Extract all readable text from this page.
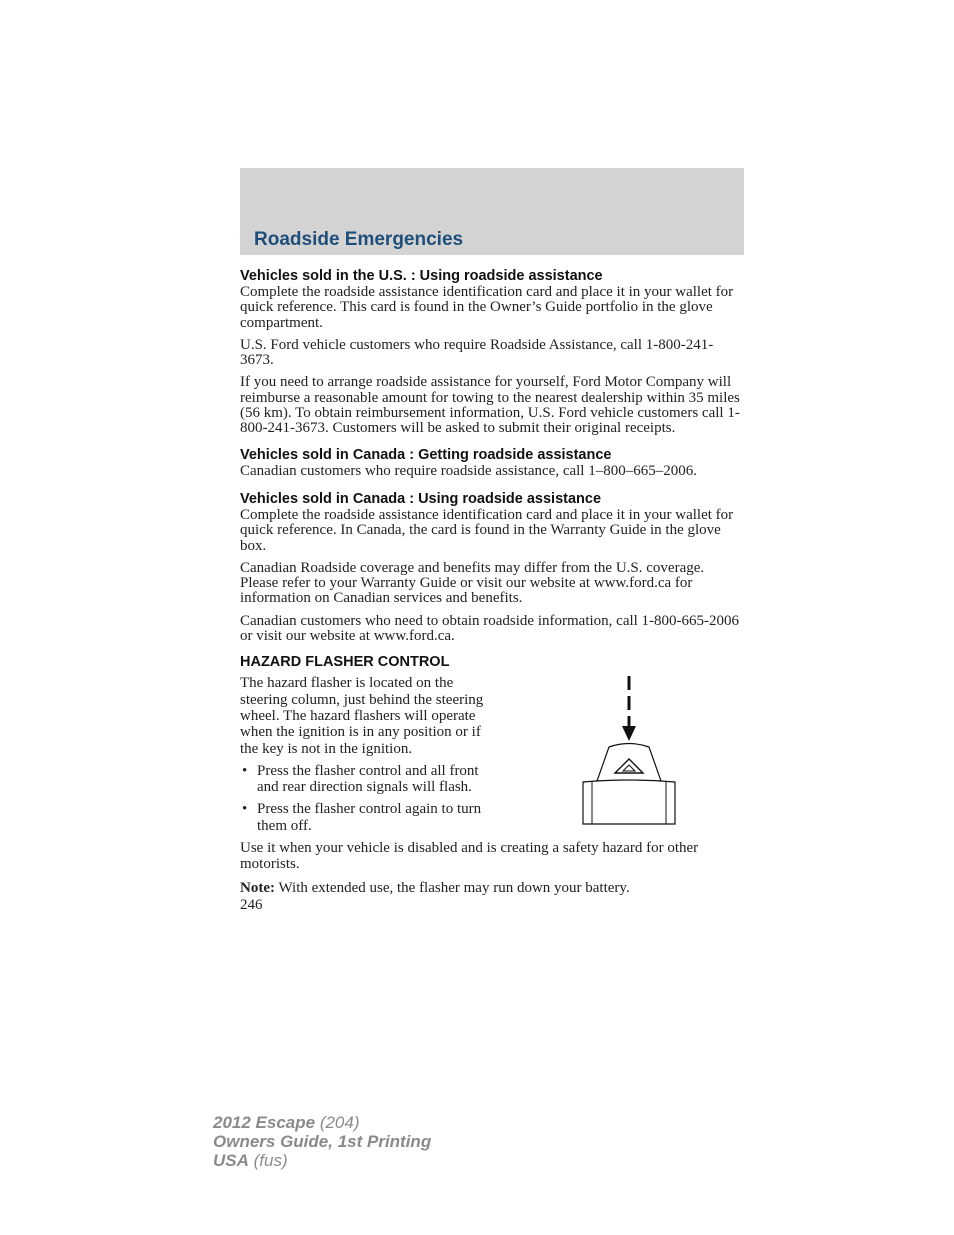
Roadside Emergencies
Vehicles sold in the U.S. : Using roadside assistance

Complete the roadside assistance identification card and place it in your wallet for quick reference. This card is found in the Owner’s Guide portfolio in the glove compartment.

U.S. Ford vehicle customers who require Roadside Assistance, call 1-800-241-3673.

If you need to arrange roadside assistance for yourself, Ford Motor Company will reimburse a reasonable amount for towing to the nearest dealership within 35 miles (56 km). To obtain reimbursement information, U.S. Ford vehicle customers call 1-800-241-3673. Customers will be asked to submit their original receipts.

Vehicles sold in Canada : Getting roadside assistance

Canadian customers who require roadside assistance, call 1–800–665–2006.

Vehicles sold in Canada : Using roadside assistance

Complete the roadside assistance identification card and place it in your wallet for quick reference. In Canada, the card is found in the Warranty Guide in the glove box.

Canadian Roadside coverage and benefits may differ from the U.S. coverage. Please refer to your Warranty Guide or visit our website at www.ford.ca for information on Canadian services and benefits.

Canadian customers who need to obtain roadside information, call 1-800-665-2006 or visit our website at www.ford.ca.

HAZARD FLASHER CONTROL

The hazard flasher is located on the steering column, just behind the steering wheel. The hazard flashers will operate when the ignition is in any position or if the key is not in the ignition.

• Press the flasher control and all front and rear direction signals will flash.
• Press the flasher control again to turn them off.

Use it when your vehicle is disabled and is creating a safety hazard for other motorists.

Note: With extended use, the flasher may run down your battery.

246
2012 Escape (204)
Owners Guide, 1st Printing
USA (fus)
